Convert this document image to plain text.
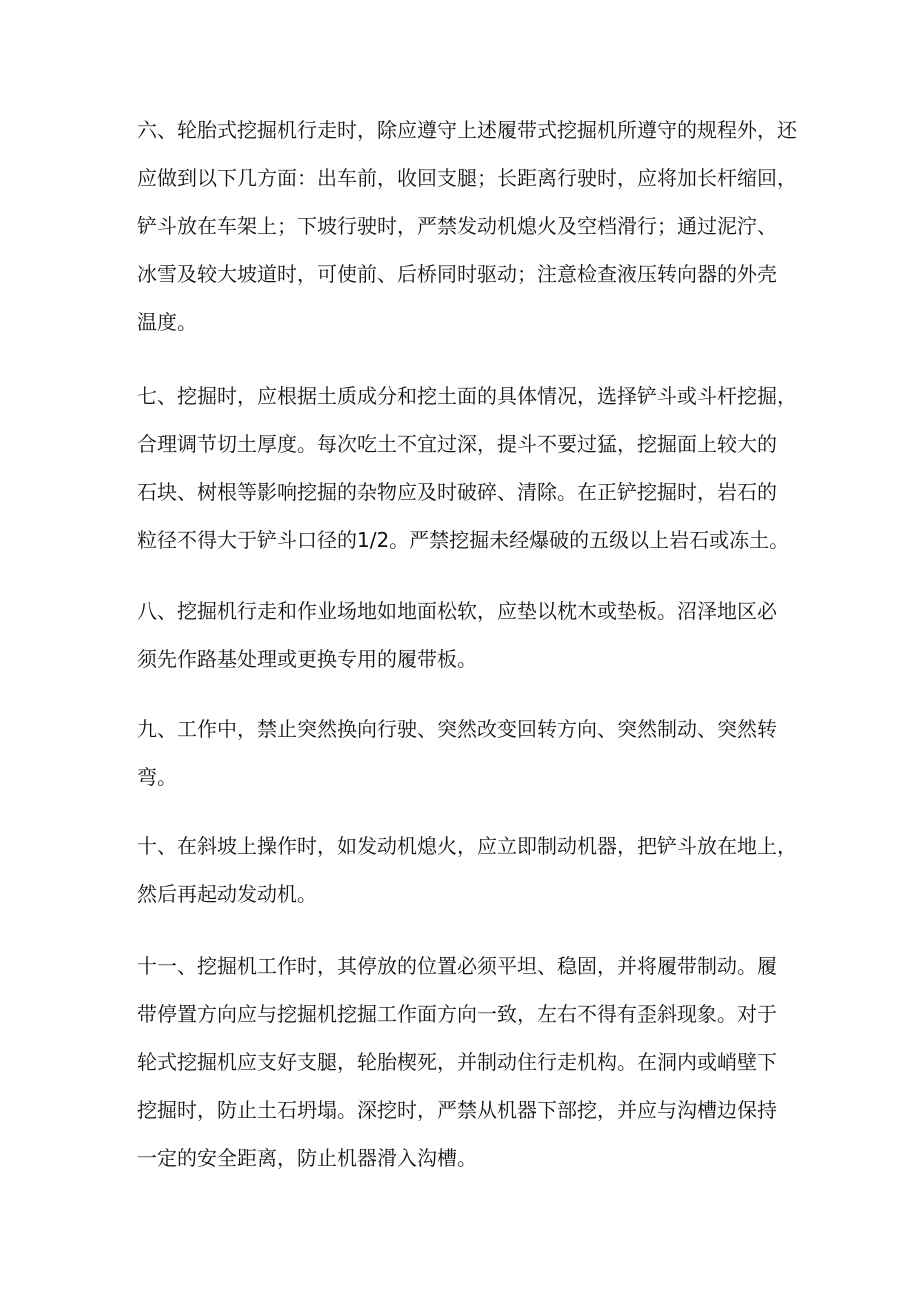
六、轮胎式挖掘机行走时，除应遵守上述履带式挖掘机所遵守的规程外，还
应做到以下几方面：出车前，收回支腿；长距离行驶时，应将加长杆缩回，
铲斗放在车架上；下坡行驶时，严禁发动机熄火及空档滑行；通过泥泞、
冰雪及较大坡道时，可使前、后桥同时驱动；注意检查液压转向器的外壳
温度。
七、挖掘时，应根据土质成分和挖土面的具体情况，选择铲斗或斗杆挖掘，
合理调节切土厚度。每次吃土不宜过深，提斗不要过猛，挖掘面上较大的
石块、树根等影响挖掘的杂物应及时破碎、清除。在正铲挖掘时，岩石的
粒径不得大于铲斗口径的1/2。严禁挖掘未经爆破的五级以上岩石或冻土。
八、挖掘机行走和作业场地如地面松软，应垫以枕木或垫板。沼泽地区必
须先作路基处理或更换专用的履带板。
九、工作中，禁止突然换向行驶、突然改变回转方向、突然制动、突然转
弯。
十、在斜坡上操作时，如发动机熄火，应立即制动机器，把铲斗放在地上，
然后再起动发动机。
十一、挖掘机工作时，其停放的位置必须平坦、稳固，并将履带制动。履
带停置方向应与挖掘机挖掘工作面方向一致，左右不得有歪斜现象。对于
轮式挖掘机应支好支腿，轮胎楔死，并制动住行走机构。在洞内或峭壁下
挖掘时，防止土石坍塌。深挖时，严禁从机器下部挖，并应与沟槽边保持
一定的安全距离，防止机器滑入沟槽。
